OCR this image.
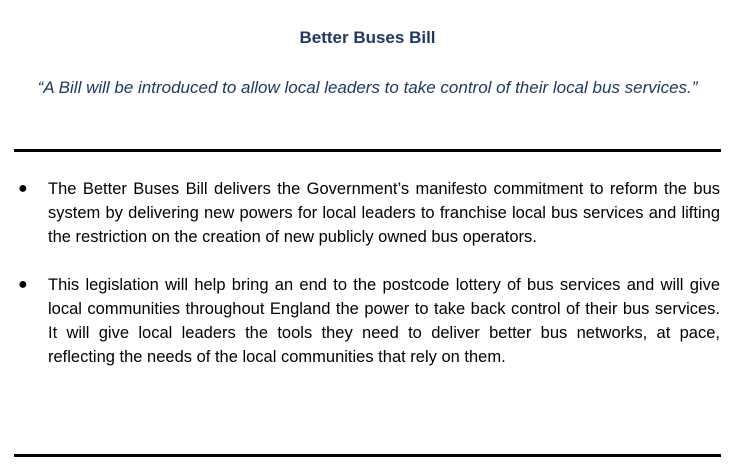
Better Buses Bill
“A Bill will be introduced to allow local leaders to take control of their local bus services.”
● The Better Buses Bill delivers the Government’s manifesto commitment to reform the bus system by delivering new powers for local leaders to franchise local bus services and lifting the restriction on the creation of new publicly owned bus operators.
● This legislation will help bring an end to the postcode lottery of bus services and will give local communities throughout England the power to take back control of their bus services. It will give local leaders the tools they need to deliver better bus networks, at pace, reflecting the needs of the local communities that rely on them.
